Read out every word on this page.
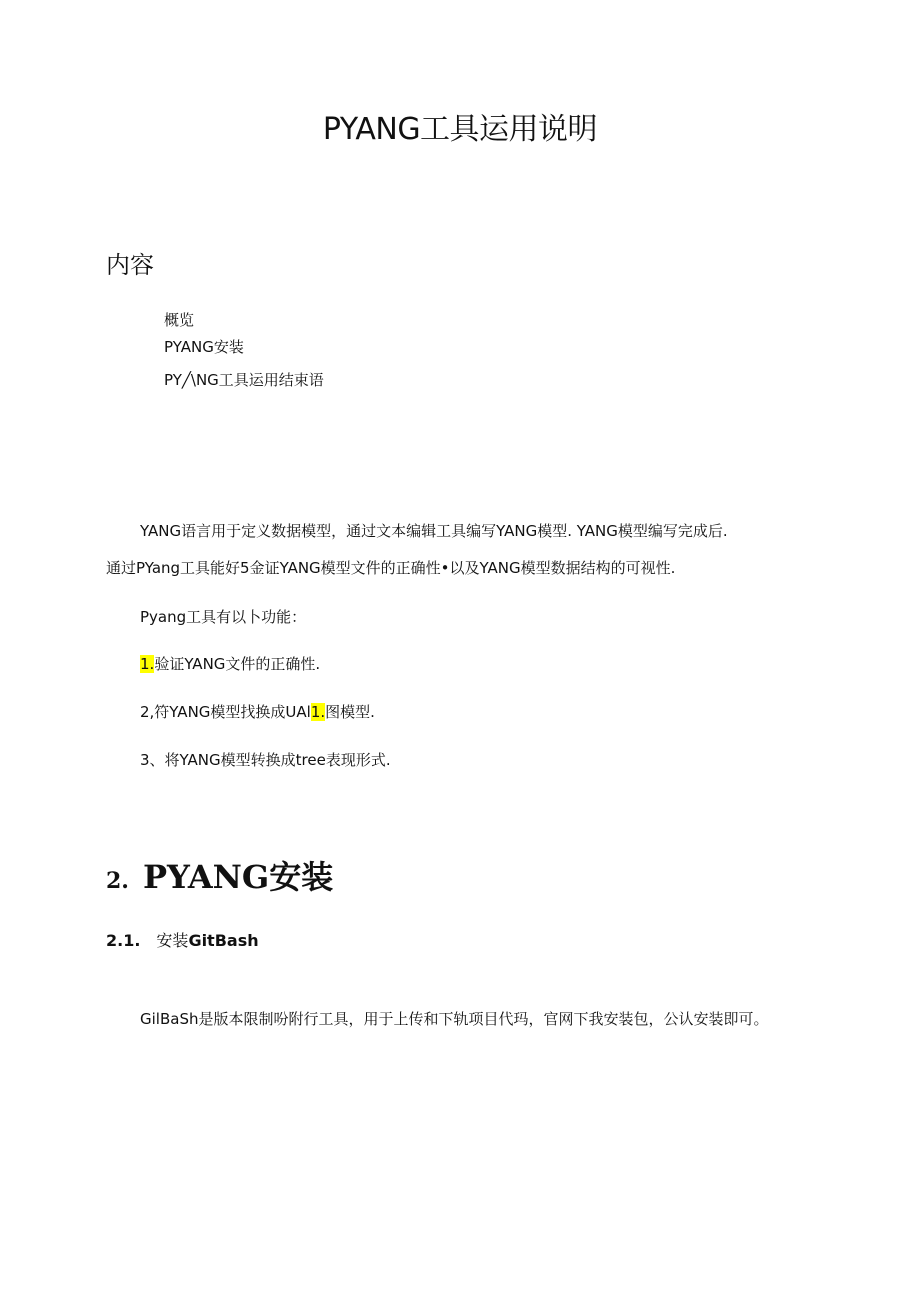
PYANG工具运用说明
内容
概览
PYANG安装
PY╱\NG工具运用结束语
YANG语言用于定义数据模型，通过文本编辑工具编写YANG模型. YANG模型编写完成后.
通过PYang工具能好5金证YANG模型文件的正确性•以及YANG模型数据结构的可视性.
Pyang工具有以卜功能：
1.验证YANG文件的正确性.
2,符YANG模型找换成UAl1.图模型.
3、将YANG模型转换成tree表现形式.
2. PYANG安装
2.1. 安装GitBash
GilBaSh是版本限制吩附行工具，用于上传和下轨项目代玛，官网下我安装包，公认安装即可。
